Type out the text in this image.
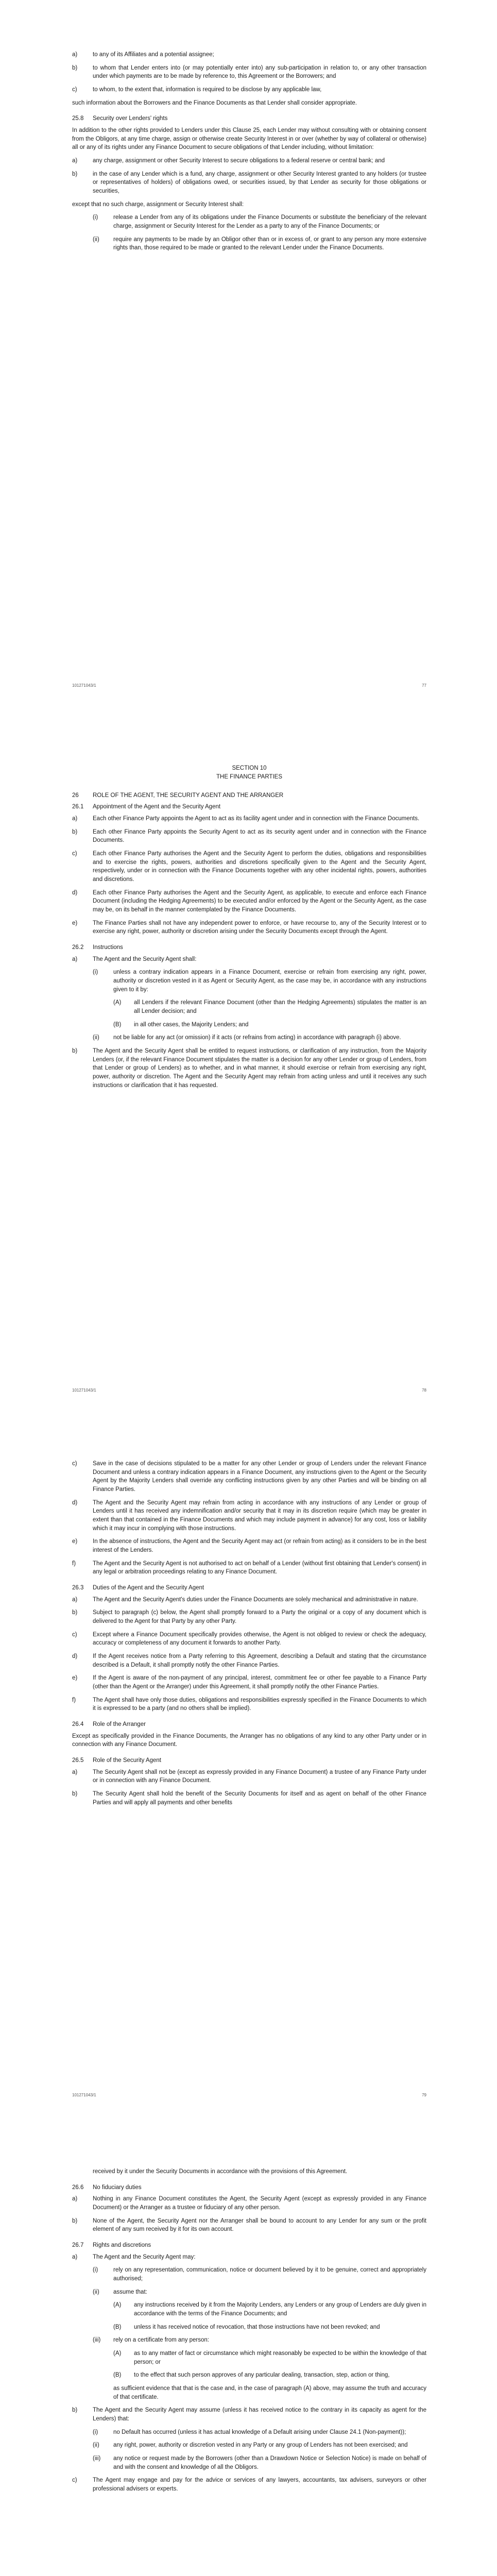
a)	to any of its Affiliates and a potential assignee;
b)	to whom that Lender enters into (or may potentially enter into) any sub-participation in relation to, or any other transaction under which payments are to be made by reference to, this Agreement or the Borrowers; and
c)	to whom, to the extent that, information is required to be disclose by any applicable law,
such information about the Borrowers and the Finance Documents as that Lender shall consider appropriate.
25.8	Security over Lenders' rights
In addition to the other rights provided to Lenders under this Clause 25, each Lender may without consulting with or obtaining consent from the Obligors, at any time charge, assign or otherwise create Security Interest in or over (whether by way of collateral or otherwise) all or any of its rights under any Finance Document to secure obligations of that Lender including, without limitation:
a)	any charge, assignment or other Security Interest to secure obligations to a federal reserve or central bank; and
b)	in the case of any Lender which is a fund, any charge, assignment or other Security Interest granted to any holders (or trustee or representatives of holders) of obligations owed, or securities issued, by that Lender as security for those obligations or securities,
except that no such charge, assignment or Security Interest shall:
(i)	release a Lender from any of its obligations under the Finance Documents or substitute the beneficiary of the relevant charge, assignment or Security Interest for the Lender as a party to any of the Finance Documents; or
(ii)	require any payments to be made by an Obligor other than or in excess of, or grant to any person any more extensive rights than, those required to be made or granted to the relevant Lender under the Finance Documents.
101271043/1	77
SECTION 10
THE FINANCE PARTIES
26	ROLE OF THE AGENT, THE SECURITY AGENT AND THE ARRANGER
26.1	Appointment of the Agent and the Security Agent
a)	Each other Finance Party appoints the Agent to act as its facility agent under and in connection with the Finance Documents.
b)	Each other Finance Party appoints the Security Agent to act as its security agent under and in connection with the Finance Documents.
c)	Each other Finance Party authorises the Agent and the Security Agent to perform the duties, obligations and responsibilities and to exercise the rights, powers, authorities and discretions specifically given to the Agent and the Security Agent, respectively, under or in connection with the Finance Documents together with any other incidental rights, powers, authorities and discretions.
d)	Each other Finance Party authorises the Agent and the Security Agent, as applicable, to execute and enforce each Finance Document (including the Hedging Agreements) to be executed and/or enforced by the Agent or the Security Agent, as the case may be, on its behalf in the manner contemplated by the Finance Documents.
e)	The Finance Parties shall not have any independent power to enforce, or have recourse to, any of the Security Interest or to exercise any right, power, authority or discretion arising under the Security Documents except through the Agent.
26.2	Instructions
a)	The Agent and the Security Agent shall:
(i)	unless a contrary indication appears in a Finance Document, exercise or refrain from exercising any right, power, authority or discretion vested in it as Agent or Security Agent, as the case may be, in accordance with any instructions given to it by:
(A)	all Lenders if the relevant Finance Document (other than the Hedging Agreements) stipulates the matter is an all Lender decision; and
(B)	in all other cases, the Majority Lenders; and
(ii)	not be liable for any act (or omission) if it acts (or refrains from acting) in accordance with paragraph (i) above.
b)	The Agent and the Security Agent shall be entitled to request instructions, or clarification of any instruction, from the Majority Lenders (or, if the relevant Finance Document stipulates the matter is a decision for any other Lender or group of Lenders, from that Lender or group of Lenders) as to whether, and in what manner, it should exercise or refrain from exercising any right, power, authority or discretion. The Agent and the Security Agent may refrain from acting unless and until it receives any such instructions or clarification that it has requested.
101271043/1	78
c)	Save in the case of decisions stipulated to be a matter for any other Lender or group of Lenders under the relevant Finance Document and unless a contrary indication appears in a Finance Document, any instructions given to the Agent or the Security Agent by the Majority Lenders shall override any conflicting instructions given by any other Parties and will be binding on all Finance Parties.
d)	The Agent and the Security Agent may refrain from acting in accordance with any instructions of any Lender or group of Lenders until it has received any indemnification and/or security that it may in its discretion require (which may be greater in extent than that contained in the Finance Documents and which may include payment in advance) for any cost, loss or liability which it may incur in complying with those instructions.
e)	In the absence of instructions, the Agent and the Security Agent may act (or refrain from acting) as it considers to be in the best interest of the Lenders.
f)	The Agent and the Security Agent is not authorised to act on behalf of a Lender (without first obtaining that Lender's consent) in any legal or arbitration proceedings relating to any Finance Document.
26.3	Duties of the Agent and the Security Agent
a)	The Agent and the Security Agent's duties under the Finance Documents are solely mechanical and administrative in nature.
b)	Subject to paragraph (c) below, the Agent shall promptly forward to a Party the original or a copy of any document which is delivered to the Agent for that Party by any other Party.
c)	Except where a Finance Document specifically provides otherwise, the Agent is not obliged to review or check the adequacy, accuracy or completeness of any document it forwards to another Party.
d)	If the Agent receives notice from a Party referring to this Agreement, describing a Default and stating that the circumstance described is a Default, it shall promptly notify the other Finance Parties.
e)	If the Agent is aware of the non-payment of any principal, interest, commitment fee or other fee payable to a Finance Party (other than the Agent or the Arranger) under this Agreement, it shall promptly notify the other Finance Parties.
f)	The Agent shall have only those duties, obligations and responsibilities expressly specified in the Finance Documents to which it is expressed to be a party (and no others shall be implied).
26.4	Role of the Arranger
Except as specifically provided in the Finance Documents, the Arranger has no obligations of any kind to any other Party under or in connection with any Finance Document.
26.5	Role of the Security Agent
a)	The Security Agent shall not be (except as expressly provided in any Finance Document) a trustee of any Finance Party under or in connection with any Finance Document.
b)	The Security Agent shall hold the benefit of the Security Documents for itself and as agent on behalf of the other Finance Parties and will apply all payments and other benefits
101271043/1	79
received by it under the Security Documents in accordance with the provisions of this Agreement.
26.6	No fiduciary duties
a)	Nothing in any Finance Document constitutes the Agent, the Security Agent (except as expressly provided in any Finance Document) or the Arranger as a trustee or fiduciary of any other person.
b)	None of the Agent, the Security Agent nor the Arranger shall be bound to account to any Lender for any sum or the profit element of any sum received by it for its own account.
26.7	Rights and discretions
a)	The Agent and the Security Agent may:
(i)	rely on any representation, communication, notice or document believed by it to be genuine, correct and appropriately authorised;
(ii)	assume that:
(A)	any instructions received by it from the Majority Lenders, any Lenders or any group of Lenders are duly given in accordance with the terms of the Finance Documents; and
(B)	unless it has received notice of revocation, that those instructions have not been revoked; and
(iii)	rely on a certificate from any person:
(A)	as to any matter of fact or circumstance which might reasonably be expected to be within the knowledge of that person; or
(B)	to the effect that such person approves of any particular dealing, transaction, step, action or thing,
as sufficient evidence that that is the case and, in the case of paragraph (A) above, may assume the truth and accuracy of that certificate.
b)	The Agent and the Security Agent may assume (unless it has received notice to the contrary in its capacity as agent for the Lenders) that:
(i)	no Default has occurred (unless it has actual knowledge of a Default arising under Clause 24.1 (Non-payment));
(ii)	any right, power, authority or discretion vested in any Party or any group of Lenders has not been exercised; and
(iii)	any notice or request made by the Borrowers (other than a Drawdown Notice or Selection Notice) is made on behalf of and with the consent and knowledge of all the Obligors.
c)	The Agent may engage and pay for the advice or services of any lawyers, accountants, tax advisers, surveyors or other professional advisers or experts.
